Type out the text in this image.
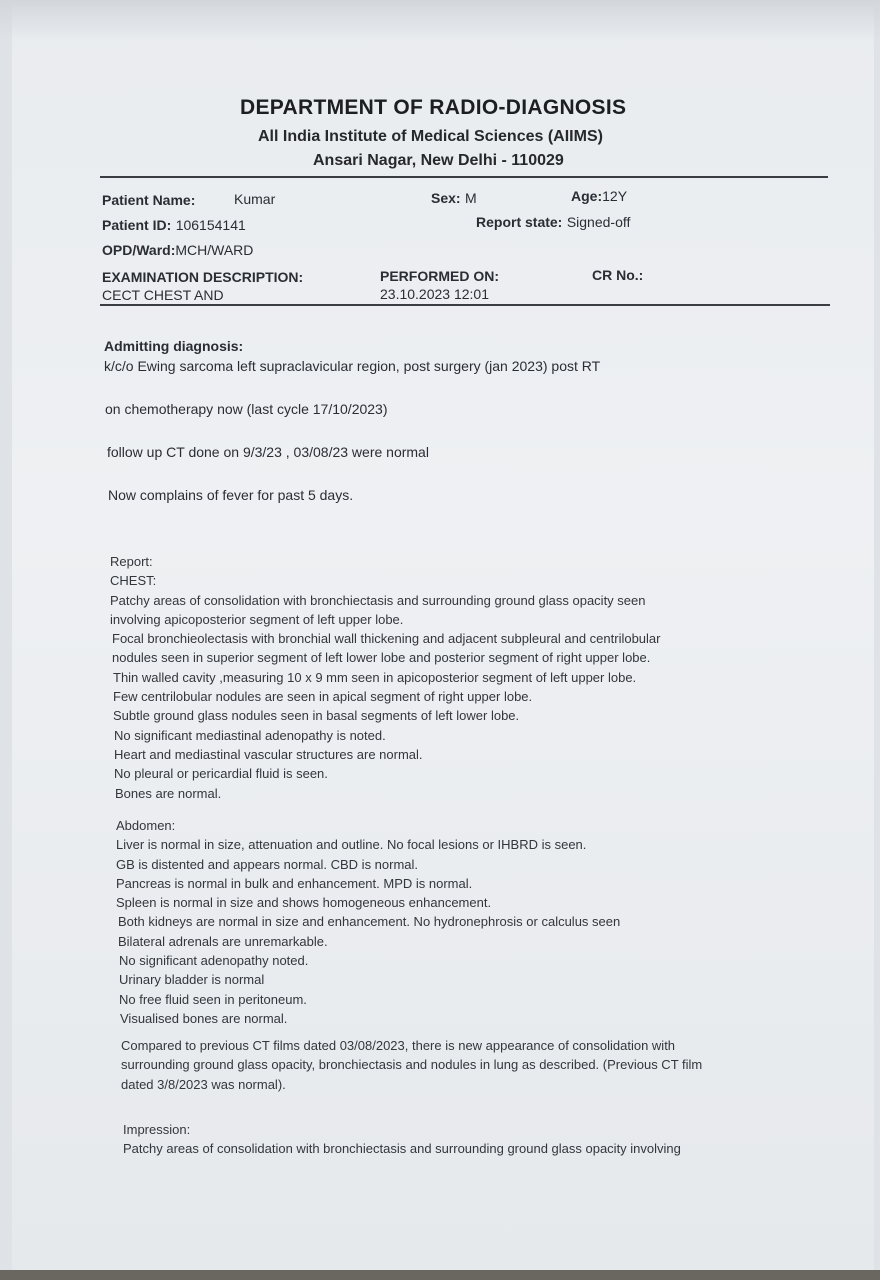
DEPARTMENT OF RADIO-DIAGNOSIS
All India Institute of Medical Sciences (AIIMS)
Ansari Nagar, New Delhi - 110029
Patient Name:	Kumar	Sex: M	Age:12Y
Patient ID: 106154141	Report state: Signed-off
OPD/Ward:MCH/WARD
EXAMINATION DESCRIPTION:
CECT CHEST AND
PERFORMED ON:
23.10.2023 12:01
CR No.:
Admitting diagnosis:
k/c/o Ewing sarcoma left supraclavicular region, post surgery (jan 2023) post RT
on chemotherapy now (last cycle 17/10/2023)
follow up CT done on 9/3/23 , 03/08/23 were normal
Now complains of fever for past 5 days.
Report:
CHEST:
Patchy areas of consolidation with bronchiectasis and surrounding ground glass opacity seen
involving apicoposterior segment of left upper lobe.
Focal bronchieolectasis with bronchial wall thickening and adjacent subpleural and centrilobular
nodules seen in superior segment of left lower lobe and posterior segment of right upper lobe.
Thin walled cavity ,measuring 10 x 9 mm seen in apicoposterior segment of left upper lobe.
Few centrilobular nodules are seen in apical segment of right upper lobe.
Subtle ground glass nodules seen in basal segments of left lower lobe.
No significant mediastinal adenopathy is noted.
Heart and mediastinal vascular structures are normal.
No pleural or pericardial fluid is seen.
Bones are normal.
Abdomen:
Liver is normal in size, attenuation and outline. No focal lesions or IHBRD is seen.
GB is distented and appears normal. CBD is normal.
Pancreas is normal in bulk and enhancement. MPD is normal.
Spleen is normal in size and shows homogeneous enhancement.
Both kidneys are normal in size and enhancement. No hydronephrosis or calculus seen
Bilateral adrenals are unremarkable.
No significant adenopathy noted.
Urinary bladder is normal
No free fluid seen in peritoneum.
Visualised bones are normal.
Compared to previous CT films dated 03/08/2023, there is new appearance of consolidation with
surrounding ground glass opacity, bronchiectasis and nodules in lung as described. (Previous CT film
dated 3/8/2023 was normal).
Impression:
Patchy areas of consolidation with bronchiectasis and surrounding ground glass opacity involving
